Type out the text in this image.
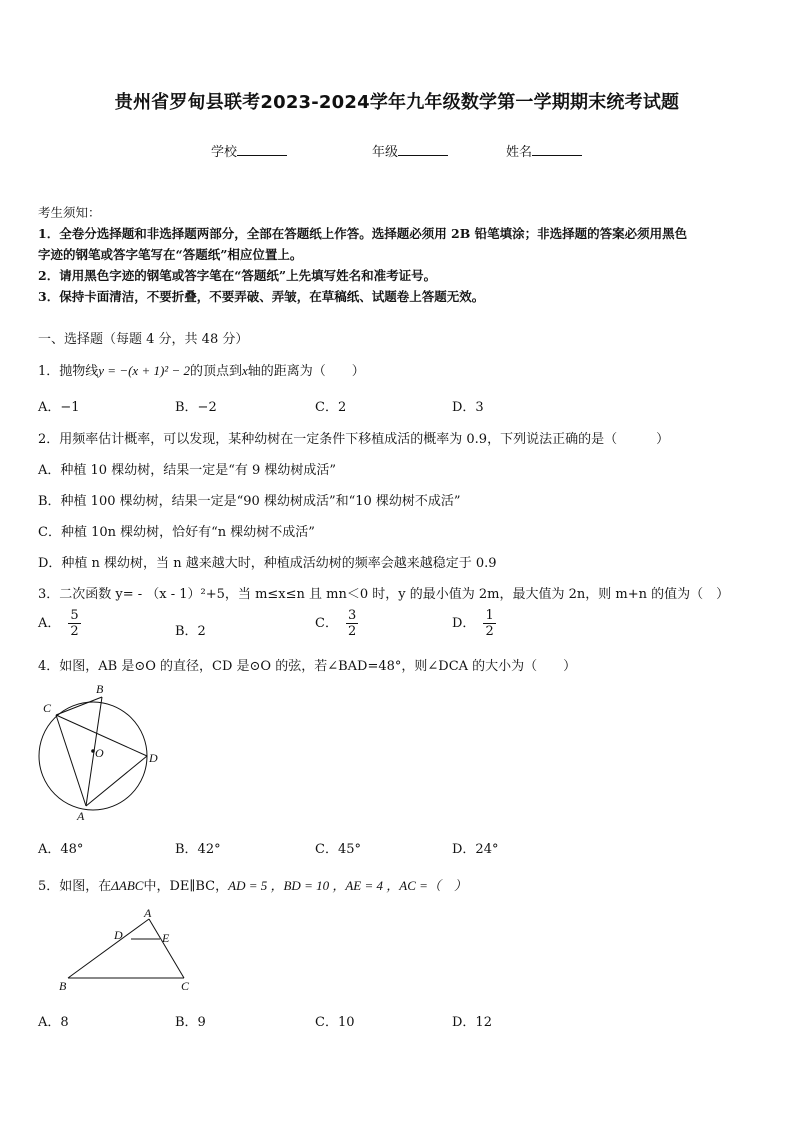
贵州省罗甸县联考2023-2024学年九年级数学第一学期期末统考试题
学校	年级	姓名
考生须知：
1．全卷分选择题和非选择题两部分，全部在答题纸上作答。选择题必须用 2B 铅笔填涂；非选择题的答案必须用黑色
字迹的钢笔或答字笔写在“答题纸”相应位置上。
2．请用黑色字迹的钢笔或答字笔在“答题纸”上先填写姓名和准考证号。
3．保持卡面清洁，不要折叠，不要弄破、弄皱，在草稿纸、试题卷上答题无效。
一、选择题（每题 4 分，共 48 分）
1．抛物线y = −(x + 1)² − 2的顶点到x轴的距离为（　　）
A．−1	B．−2	C．2	D．3
2．用频率估计概率，可以发现，某种幼树在一定条件下移植成活的概率为 0.9，下列说法正确的是（　　　）
A．种植 10 棵幼树，结果一定是“有 9 棵幼树成活”
B．种植 100 棵幼树，结果一定是“90 棵幼树成活”和“10 棵幼树不成活”
C．种植 10n 棵幼树，恰好有“n 棵幼树不成活”
D．种植 n 棵幼树，当 n 越来越大时，种植成活幼树的频率会越来越稳定于 0.9
3．二次函数 y= - （x - 1）²+5，当 m≤x≤n 且 mn＜0 时，y 的最小值为 2m，最大值为 2n，则 m+n 的值为（　）
A． $\frac{5}{2}$	B．2
C． $\frac{3}{2}$	D． $\frac{1}{2}$
4．如图，AB 是⊙O 的直径，CD 是⊙O 的弦，若∠BAD=48°，则∠DCA 的大小为（　　）
B
C
O	D
A
A．48°	B．42°	C．45°	D．24°
5．如图，在ΔABC中，DE∥BC，AD = 5 ，BD = 10 ，AE = 4 ，AC =（　）
A
D	E
B	C
A．8	B．9	C．10	D．12
